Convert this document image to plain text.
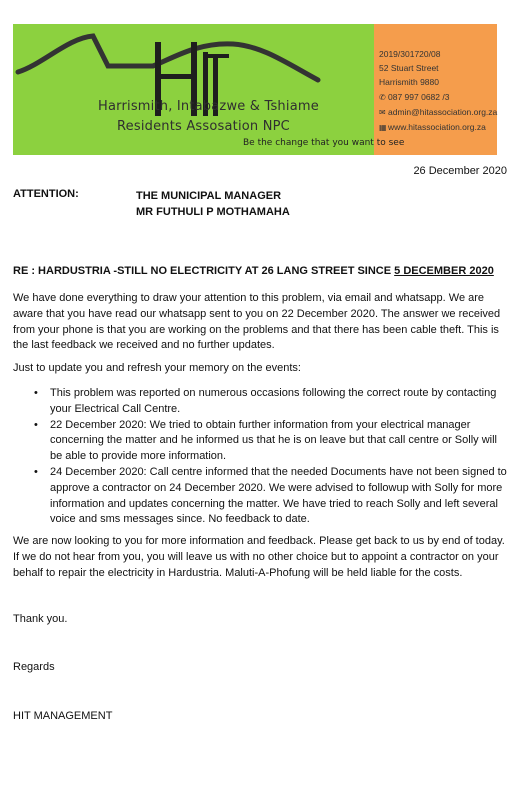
Harrismith, Intabazwe & Tshiame
Residents Assosation NPC
Be the change that you want to see
2019/301720/08
52 Stuart Street
Harrismith 9880
✆ 087 997 0682 /3
✉ admin@hitassociation.org.za
▦www.hitassociation.org.za
26 December 2020
ATTENTION:	THE MUNICIPAL MANAGER
MR FUTHULI P MOTHAMAHA
RE : HARDUSTRIA -STILL NO ELECTRICITY AT 26 LANG STREET SINCE 5 DECEMBER 2020
We have done everything to draw your attention to this problem, via email and whatsapp. We are aware that you have read our whatsapp sent to you on 22 December 2020. The answer we received from your phone is that you are working on the problems and that there has been cable theft. This is the last feedback we received and no further updates.
Just to update you and refresh your memory on the events:
• This problem was reported on numerous occasions following the correct route by contacting your Electrical Call Centre.
• 22 December 2020: We tried to obtain further information from your electrical manager concerning the matter and he informed us that he is on leave but that call centre or Solly will be able to provide more information.
• 24 December 2020: Call centre informed that the needed Documents have not been signed to approve a contractor on 24 December 2020. We were advised to followup with Solly for more information and updates concerning the matter. We have tried to reach Solly and left several voice and sms messages since. No feedback to date.
We are now looking to you for more information and feedback. Please get back to us by end of today. If we do not hear from you, you will leave us with no other choice but to appoint a contractor on your behalf to repair the electricity in Hardustria. Maluti-A-Phofung will be held liable for the costs.
Thank you.
Regards
HIT MANAGEMENT
